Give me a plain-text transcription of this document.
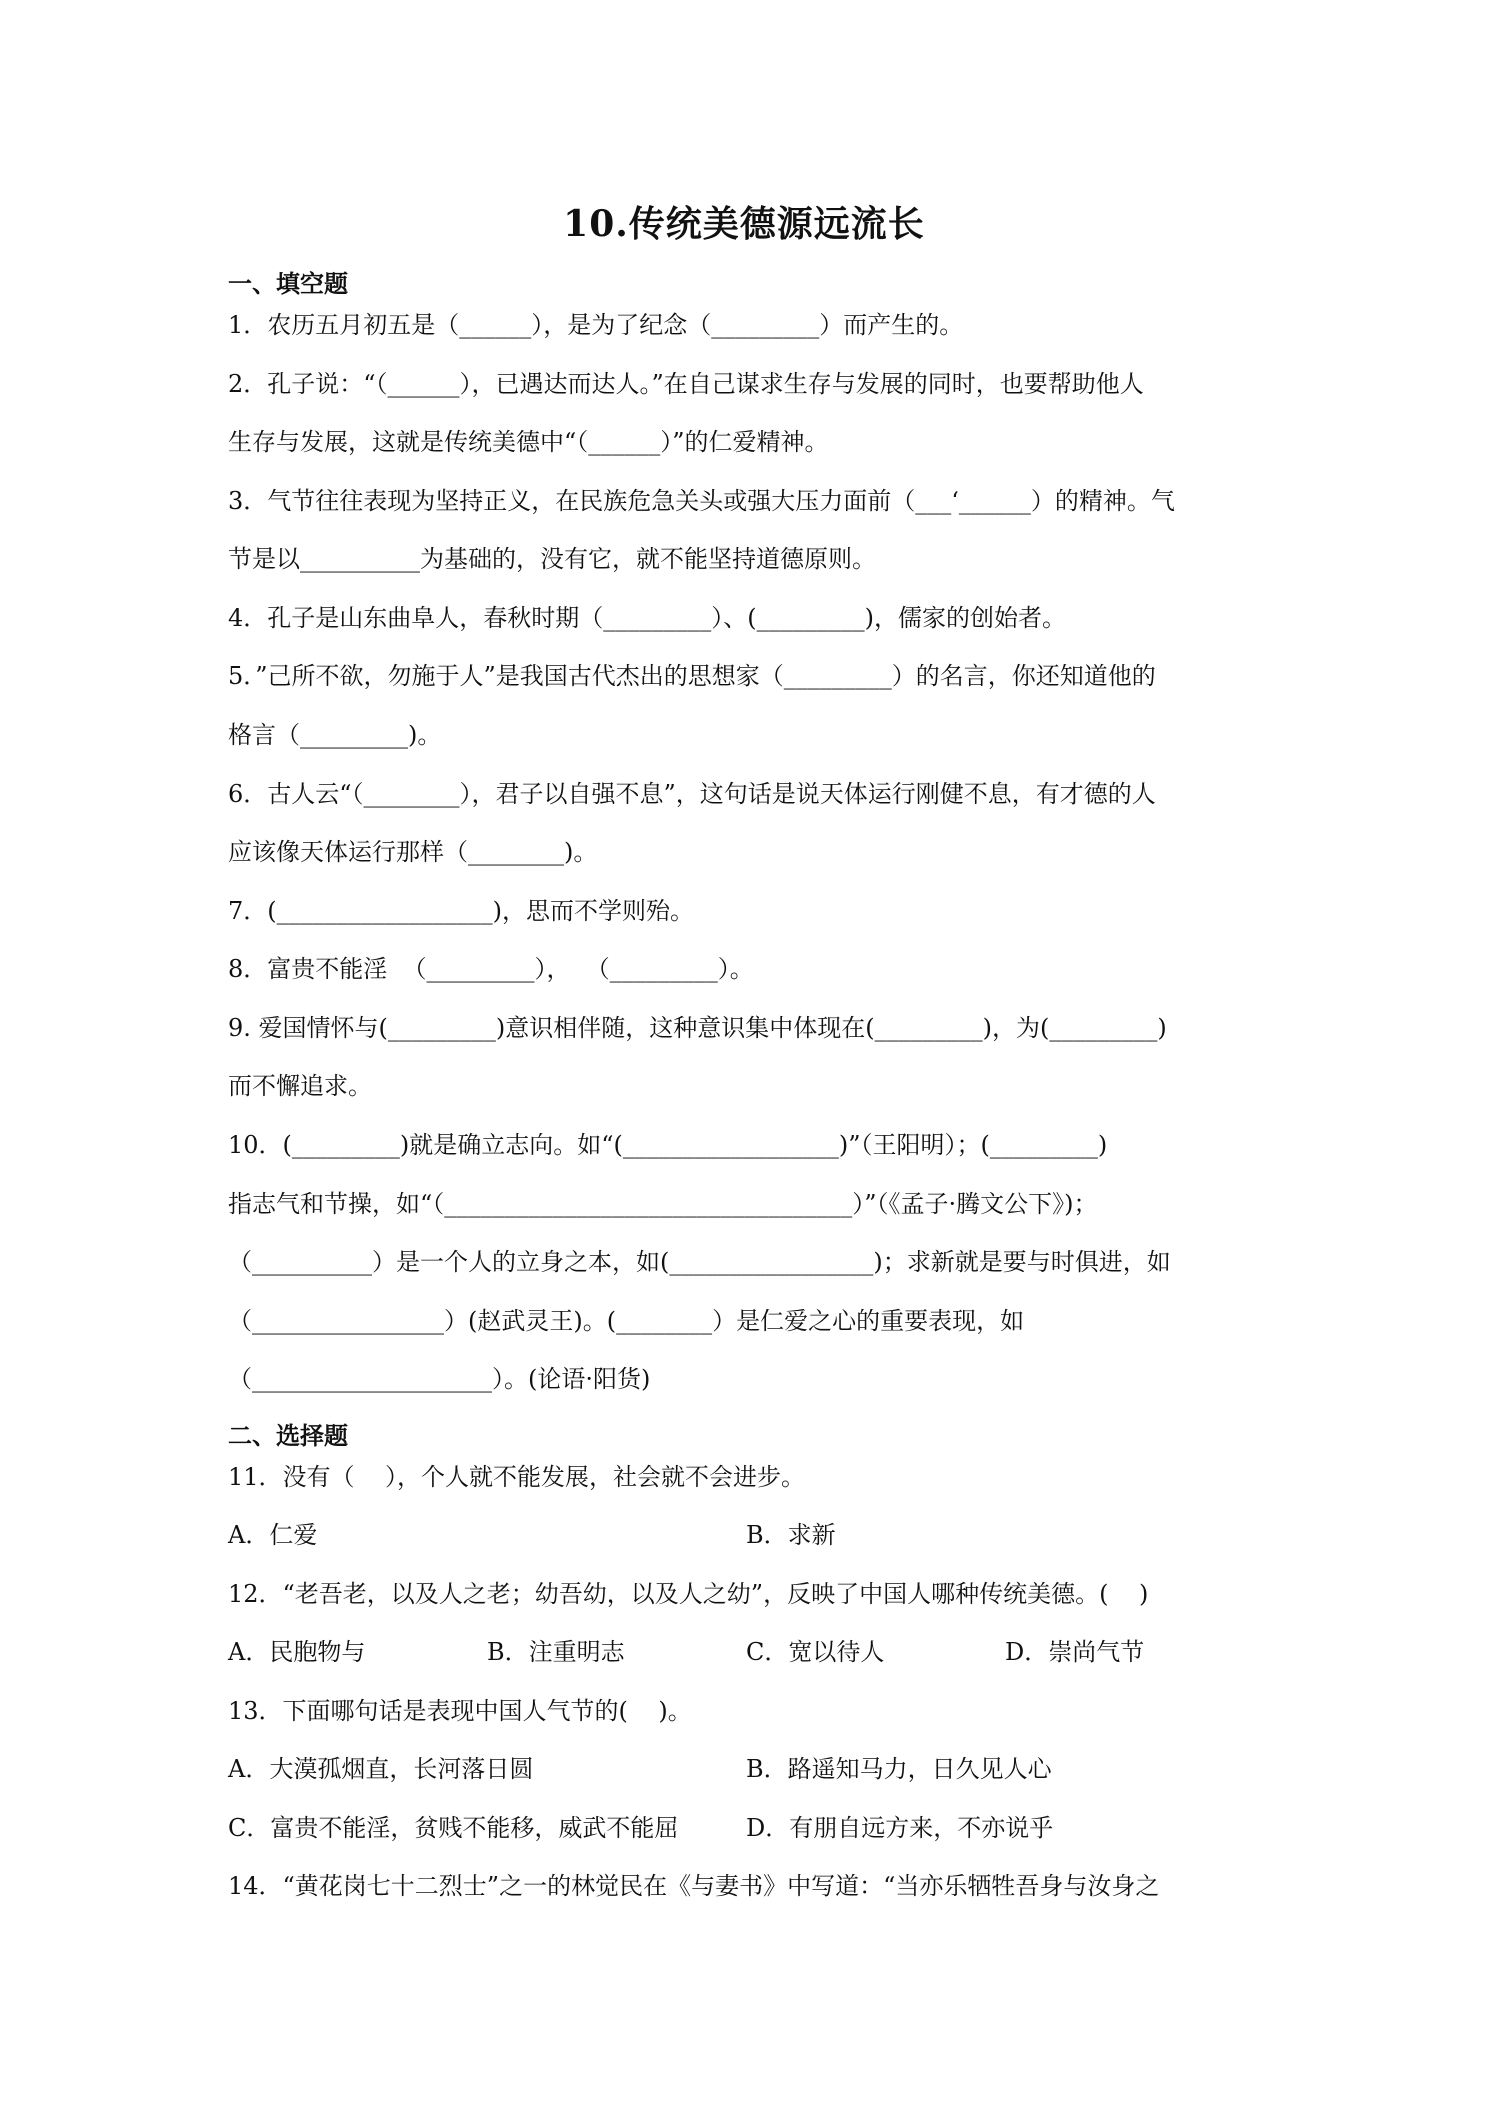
10.传统美德源远流长
一、填空题
1．农历五月初五是（______），是为了纪念（_________）而产生的。
2．孔子说：“（______），已遇达而达人。”在自己谋求生存与发展的同时，也要帮助他人
生存与发展，这就是传统美德中“（______）”的仁爱精神。
3．气节往往表现为坚持正义，在民族危急关头或强大压力面前（___‘______）的精神。气
节是以__________为基础的，没有它，就不能坚持道德原则。
4．孔子是山东曲阜人，春秋时期（_________）、(_________)，儒家的创始者。
5．”己所不欲，勿施于人”是我国古代杰出的思想家（_________）的名言，你还知道他的
格言（_________)。
6．古人云“（________），君子以自强不息”，这句话是说天体运行刚健不息，有才德的人
应该像天体运行那样（________)。
7．(__________________)，思而不学则殆。
8．富贵不能淫  （_________），  （_________）。
9. 爱国情怀与(_________)意识相伴随，这种意识集中体现在(_________)，为(_________)
而不懈追求。
10．(_________)就是确立志向。如“(__________________)”（王阳明）；(_________)
指志气和节操，如“（__________________________________）”（《孟子·腾文公下》)；
（__________）是一个人的立身之本，如(_________________)；求新就是要与时俱进，如
（________________）(赵武灵王)。(________）是仁爱之心的重要表现，如
（____________________）。(论语·阳货)
二、选择题
11．没有（    ），个人就不能发展，社会就不会进步。
A．仁爱	B．求新
12．“老吾老，以及人之老；幼吾幼，以及人之幼”，反映了中国人哪种传统美德。(    )
A．民胞物与	B．注重明志	C．宽以待人	D．崇尚气节
13．下面哪句话是表现中国人气节的(    )。
A．大漠孤烟直，长河落日圆	B．路遥知马力，日久见人心
C．富贵不能淫，贫贱不能移，威武不能屈	D．有朋自远方来，不亦说乎
14．“黄花岗七十二烈士”之一的林觉民在《与妻书》中写道：“当亦乐牺牲吾身与汝身之
